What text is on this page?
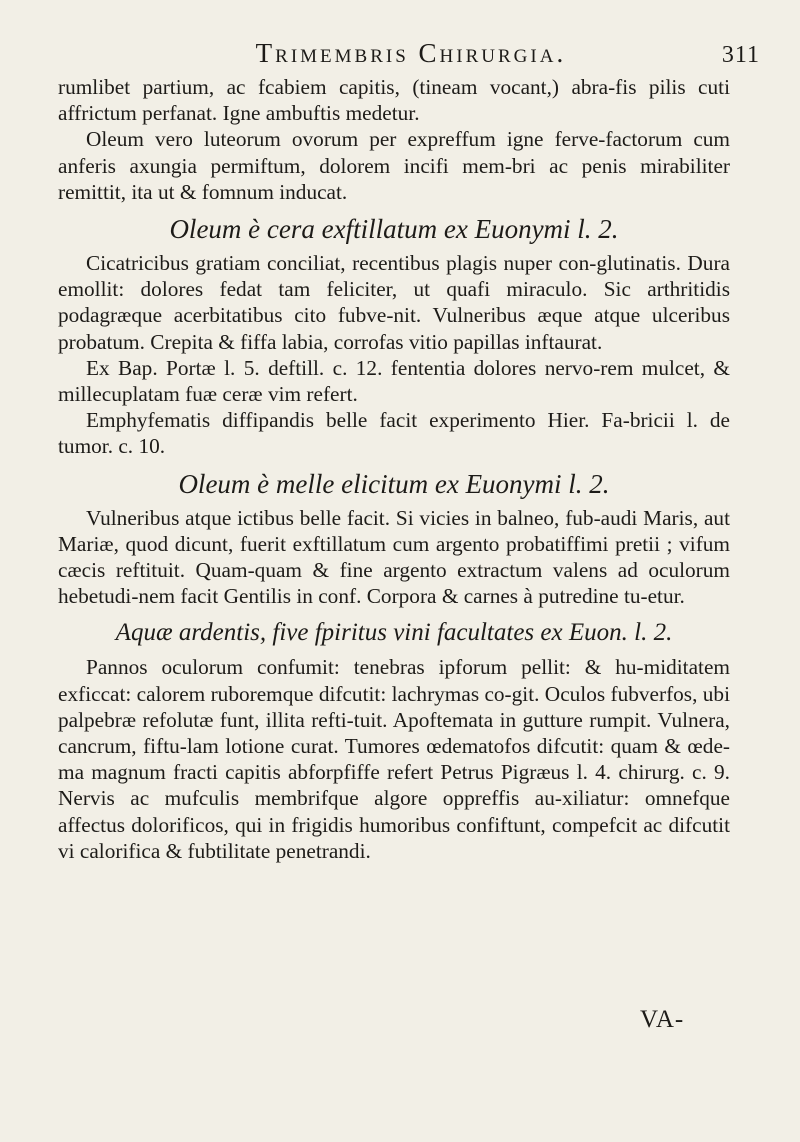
Trimembris Chirurgia.	311

rumlibet partium, ac fcabiem capitis, (tineam vocant,) abra-fis pilis cuti affrictum perfanat. Igne ambuftis medetur.

Oleum vero luteorum ovorum per expreffum igne ferve-factorum cum anferis axungia permiftum, dolorem incifi mem-bri ac penis mirabiliter remittit, ita ut & fomnum inducat.

Oleum è cera exftillatum ex Euonymi l. 2.

Cicatricibus gratiam conciliat, recentibus plagis nuper con-glutinatis. Dura emollit: dolores fedat tam feliciter, ut quafi miraculo. Sic arthritidis podagræque acerbitatibus cito fubve-nit. Vulneribus æque atque ulceribus probatum. Crepita & fiffa labia, corrofas vitio papillas inftaurat.

Ex Bap. Portæ l. 5. deftill. c. 12. fententia dolores nervo-rem mulcet, & millecuplatam fuæ ceræ vim refert.

Emphyfematis diffipandis belle facit experimento Hier. Fa-bricii l. de tumor. c. 10.

Oleum è melle elicitum ex Euonymi l. 2.

Vulneribus atque ictibus belle facit. Si vicies in balneo, fub-audi Maris, aut Mariæ, quod dicunt, fuerit exftillatum cum argento probatiffimi pretii ; vifum cæcis reftituit. Quam-quam & fine argento extractum valens ad oculorum hebetudi-nem facit Gentilis in conf. Corpora & carnes à putredine tu-etur.

Aquæ ardentis, five fpiritus vini facultates ex Euon. l. 2.

Pannos oculorum confumit: tenebras ipforum pellit: & hu-miditatem exficcat: calorem ruboremque difcutit: lachrymas co-git. Oculos fubverfos, ubi palpebræ refolutæ funt, illita refti-tuit. Apoftemata in gutture rumpit. Vulnera, cancrum, fiftu-lam lotione curat. Tumores œdematofos difcutit: quam & œde-ma magnum fracti capitis abforpfiffe refert Petrus Pigræus l. 4. chirurg. c. 9. Nervis ac mufculis membrifque algore oppreffis au-xiliatur: omnefque affectus dolorificos, qui in frigidis humoribus confiftunt, compefcit ac difcutit vi calorifica & fubtilitate penetrandi.

VA-
